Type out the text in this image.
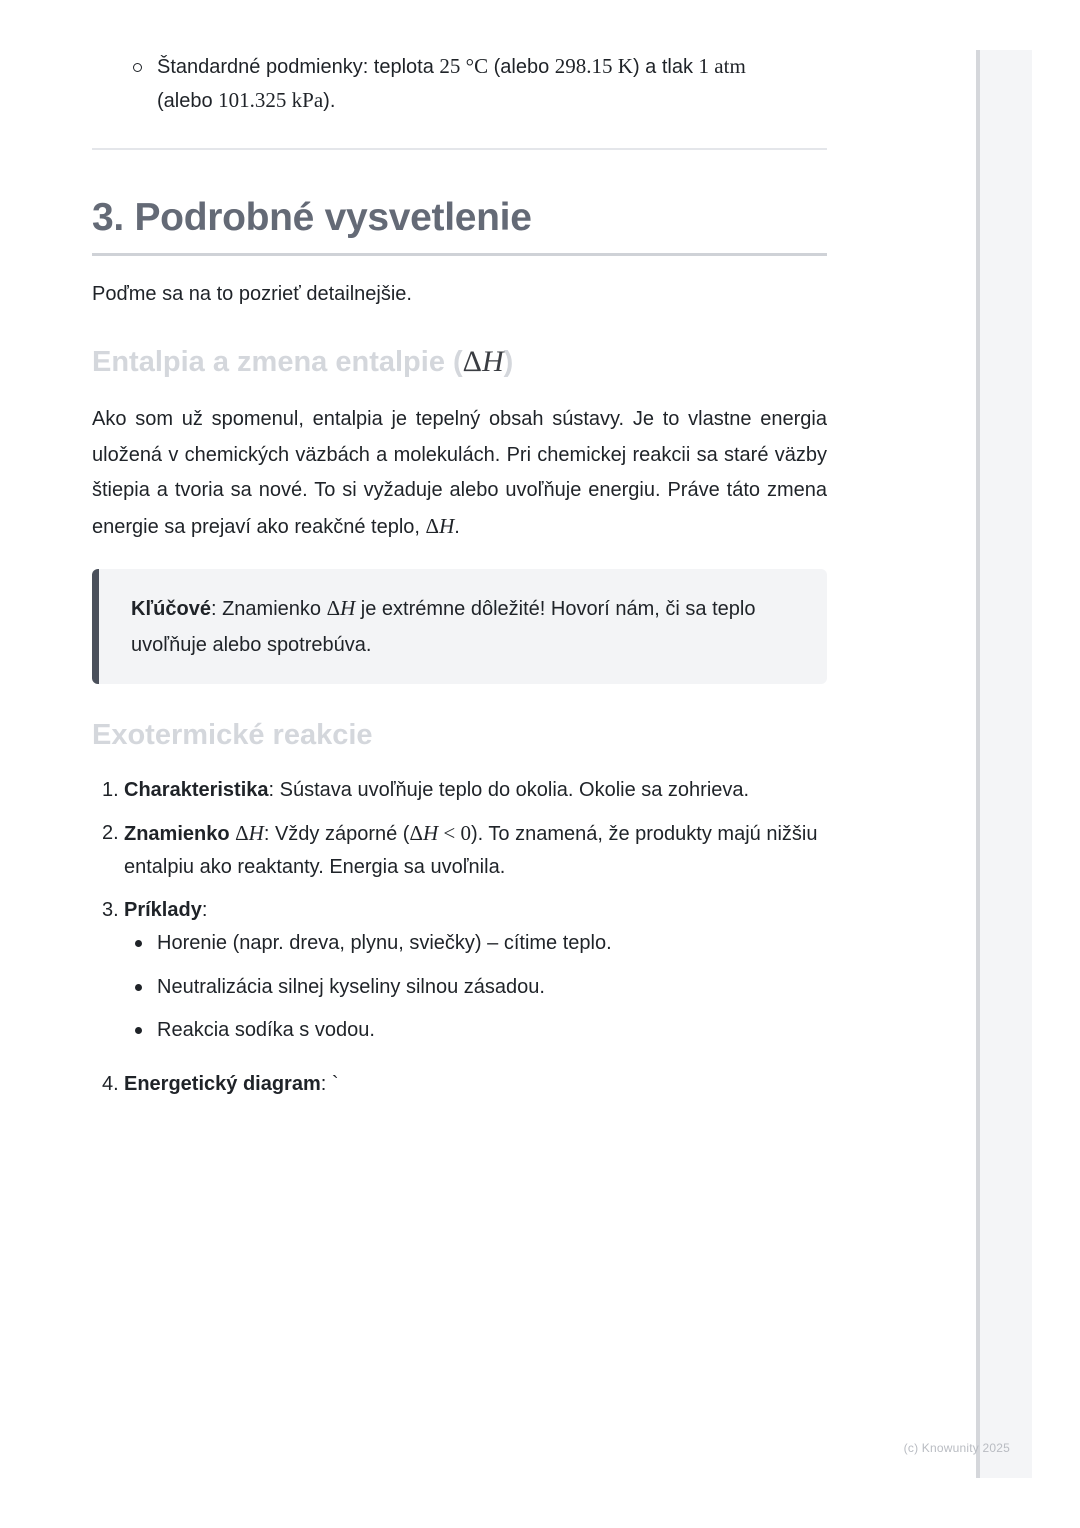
Štandardné podmienky: teplota 25 °C (alebo 298.15 K) a tlak 1 atm
(alebo 101.325 kPa).
3. Podrobné vysvetlenie

Poďme sa na to pozrieť detailnejšie.

Entalpia a zmena entalpie (ΔH)

Ako som už spomenul, entalpia je tepelný obsah sústavy. Je to vlastne energia uložená v chemických väzbách a molekulách. Pri chemickej reakcii sa staré väzby štiepia a tvoria sa nové. To si vyžaduje alebo uvoľňuje energiu. Práve táto zmena energie sa prejaví ako reakčné teplo, ΔH.

Kľúčové: Znamienko ΔH je extrémne dôležité! Hovorí nám, či sa teplo uvoľňuje alebo spotrebúva.
Exotermické reakcie
1. Charakteristika: Sústava uvoľňuje teplo do okolia. Okolie sa zohrieva.
2. Znamienko ΔH: Vždy záporné (ΔH < 0). To znamená, že produkty majú nižšiu entalpiu ako reaktanty. Energia sa uvoľnila.
3. Príklady:
Horenie (napr. dreva, plynu, sviečky) – cítime teplo.
Neutralizácia silnej kyseliny silnou zásadou.
Reakcia sodíka s vodou.
4. Energetický diagram: `
(c) Knowunity 2025
